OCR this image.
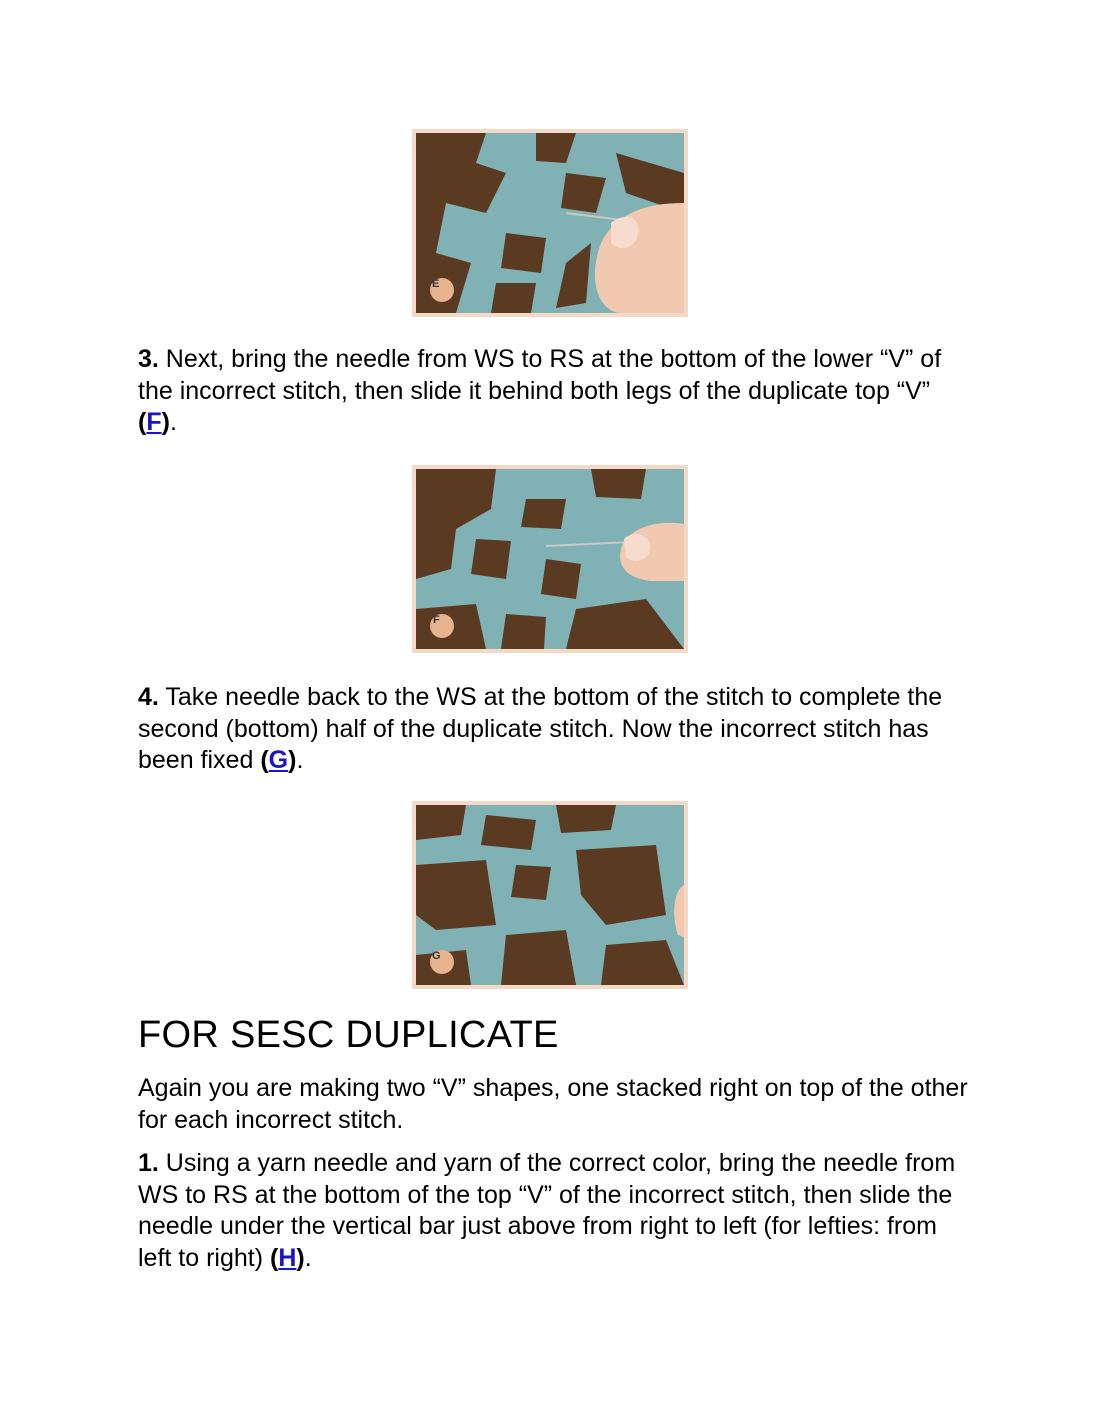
E

3. Next, bring the needle from WS to RS at the bottom of the lower “V” of the incorrect stitch, then slide it behind both legs of the duplicate top “V” (F).

F

4. Take needle back to the WS at the bottom of the stitch to complete the second (bottom) half of the duplicate stitch. Now the incorrect stitch has been fixed (G).

G
FOR SESC DUPLICATE

Again you are making two “V” shapes, one stacked right on top of the other for each incorrect stitch.

1. Using a yarn needle and yarn of the correct color, bring the needle from WS to RS at the bottom of the top “V” of the incorrect stitch, then slide the needle under the vertical bar just above from right to left (for lefties: from left to right) (H).
